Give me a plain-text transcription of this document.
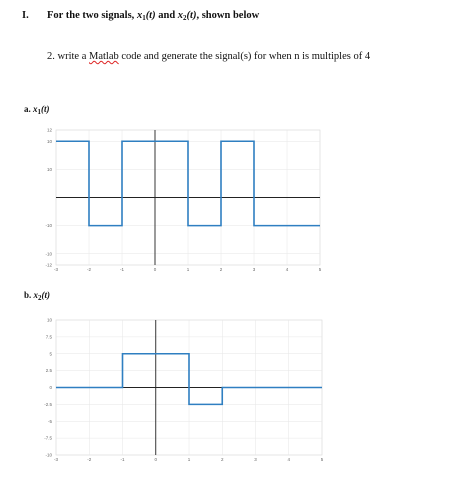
I. For the two signals, $x_1(t)$ and $x_2(t)$, shown below
2. write a Matlab code and generate the signal(s) for when n is multiples of 4
a. $x_1(t)$
b. $x_2(t)$
-3	-2	-1	0	1	2	3	4	5
12
10
10
-10
-10
-12
-3	-2	-1	0	1	2	3	4	5
10
7.5
5
2.5
0
-2.5
-5
-7.5
-10
